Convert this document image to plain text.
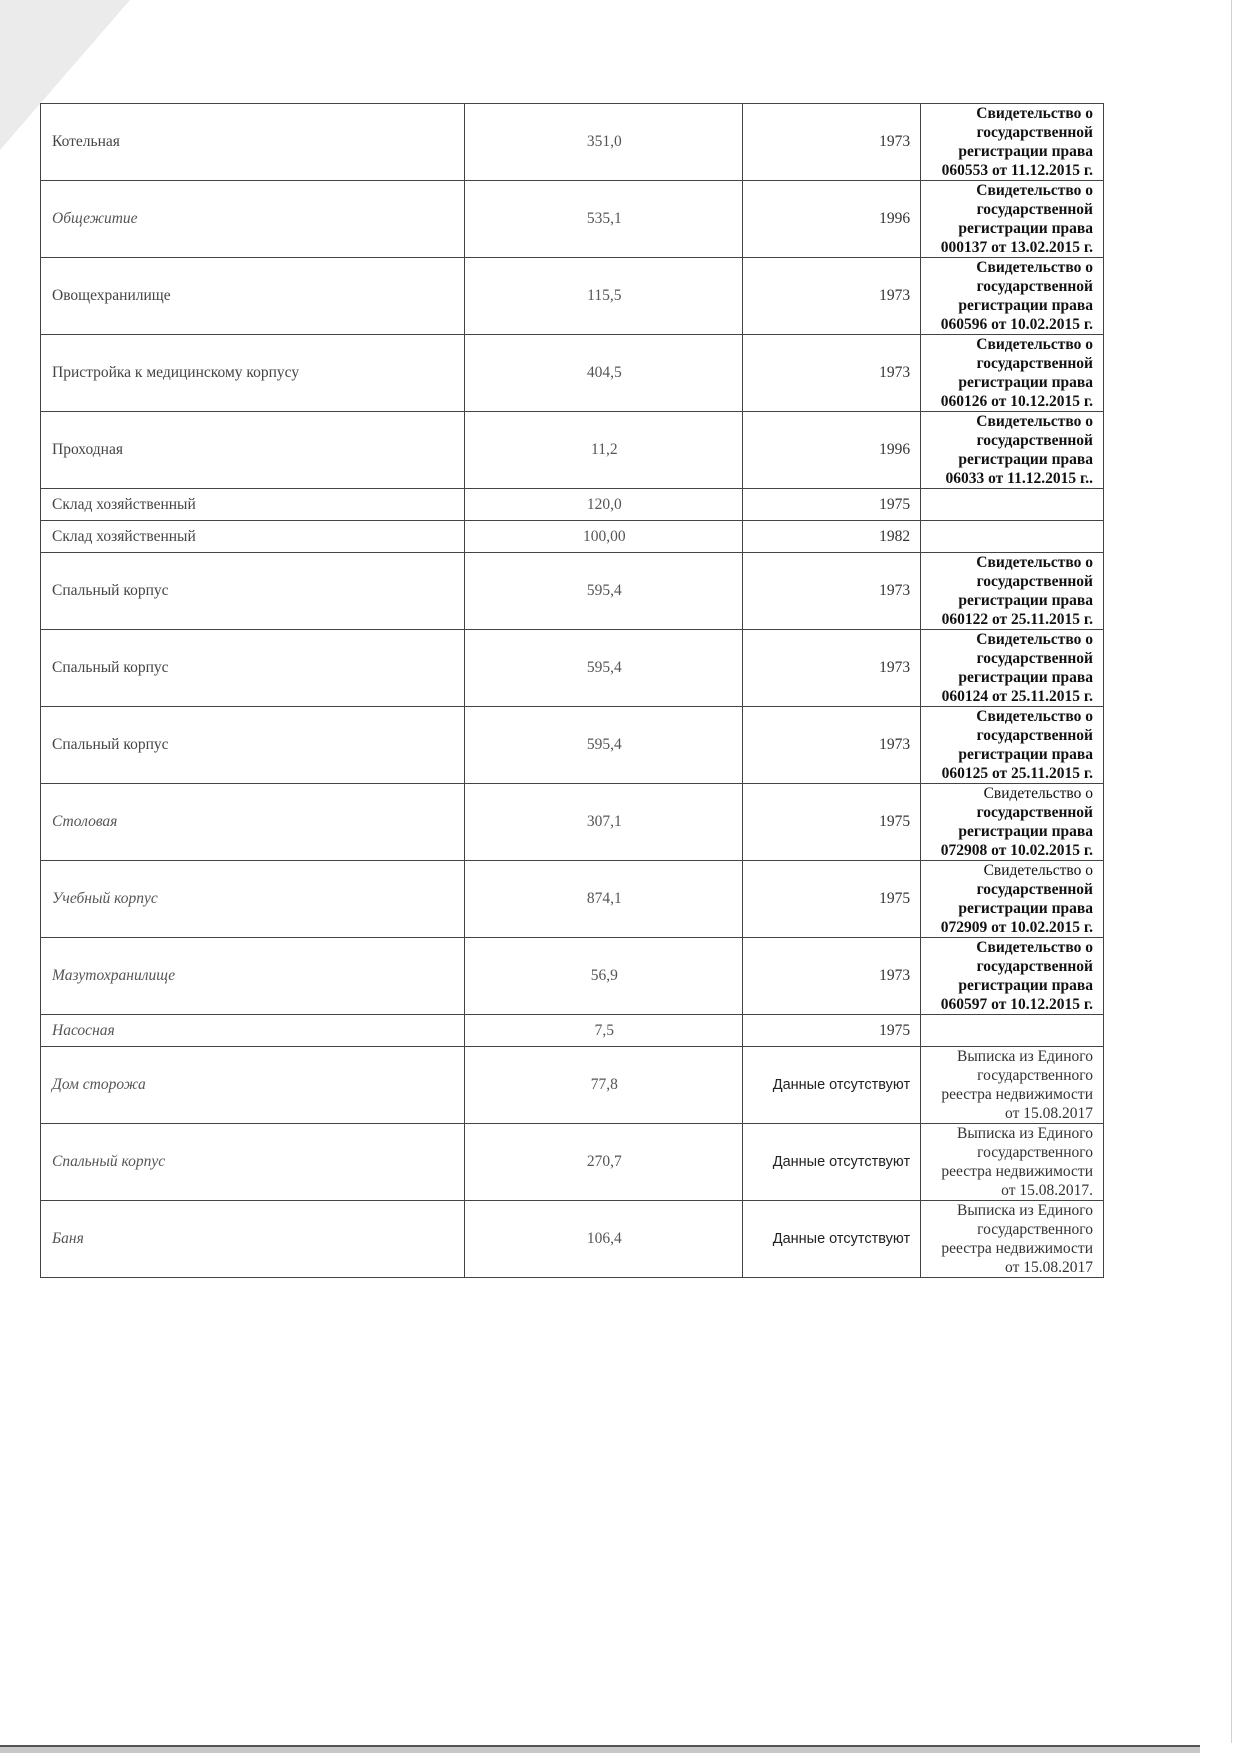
Котельная	351,0	1973	Свидетельство о
государственной
регистрации права
060553 от 11.12.2015 г.

Общежитие	535,1	1996	Свидетельство о
государственной
регистрации права
000137 от 13.02.2015 г.

Овощехранилище	115,5	1973	Свидетельство о
государственной
регистрации права
060596 от 10.02.2015 г.

Пристройка к медицинскому корпусу	404,5	1973	Свидетельство о
государственной
регистрации права
060126 от 10.12.2015 г.

Проходная	11,2	1996	Свидетельство о
государственной
регистрации права
06033 от 11.12.2015 г..

Склад хозяйственный	120,0	1975	
Склад хозяйственный	100,00	1982	
Спальный корпус	595,4	1973	Свидетельство о
государственной
регистрации права
060122 от 25.11.2015 г.

Спальный корпус	595,4	1973	Свидетельство о
государственной
регистрации права
060124 от 25.11.2015 г.

Спальный корпус	595,4	1973	Свидетельство о
государственной
регистрации права
060125 от 25.11.2015 г.

Столовая	307,1	1975	Свидетельство о
государственной
регистрации права
072908 от 10.02.2015 г.

Учебный корпус	874,1	1975	Свидетельство о
государственной
регистрации права
072909 от 10.02.2015 г.

Мазутохранилище	56,9	1973	Свидетельство о
государственной
регистрации права
060597 от 10.12.2015 г.

Насосная	7,5	1975	
Дом сторожа	77,8	Данные отсутствуют	Выписка из Единого
государственного
реестра недвижимости
от 15.08.2017

Спальный корпус	270,7	Данные отсутствуют	Выписка из Единого
государственного
реестра недвижимости
от 15.08.2017.

Баня	106,4	Данные отсутствуют	Выписка из Единого
государственного
реестра недвижимости
от 15.08.2017
